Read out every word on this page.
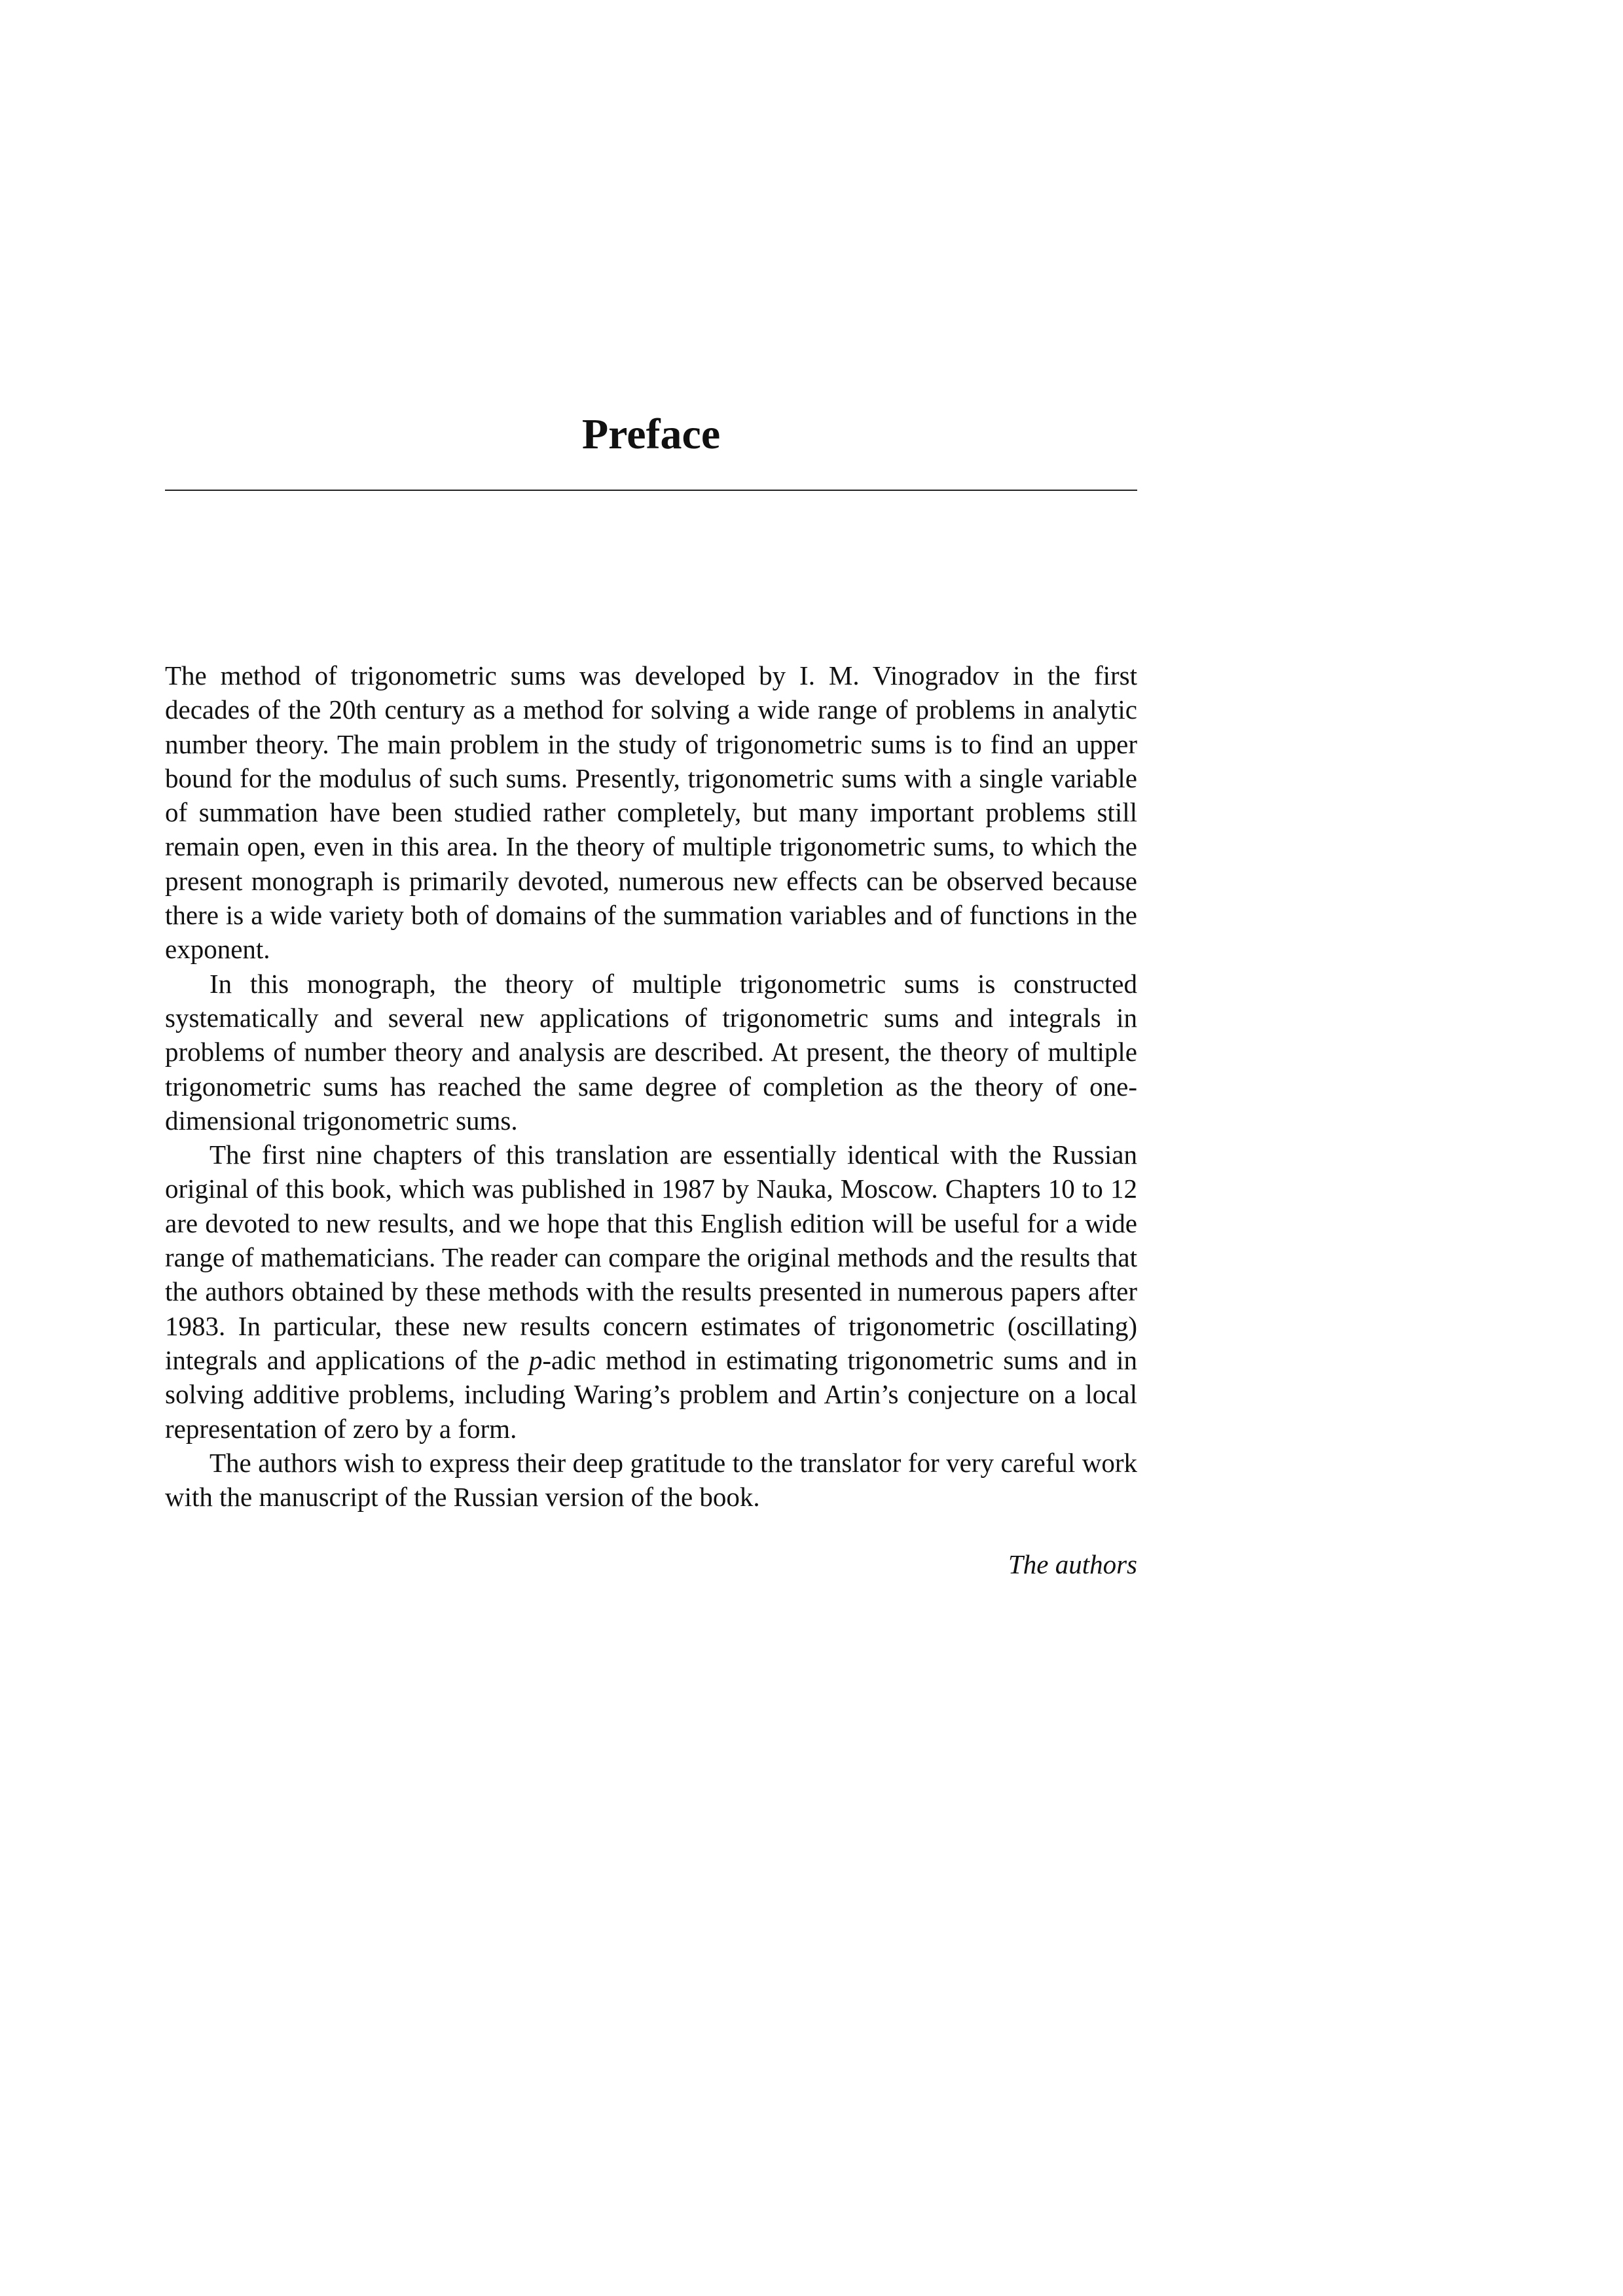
Preface

The method of trigonometric sums was developed by I. M. Vinogradov in the first decades of the 20th century as a method for solving a wide range of problems in analytic number theory. The main problem in the study of trigonometric sums is to find an upper bound for the modulus of such sums. Presently, trigonometric sums with a single variable of summation have been studied rather completely, but many important problems still remain open, even in this area. In the theory of multiple trigonometric sums, to which the present monograph is primarily devoted, numerous new effects can be observed because there is a wide variety both of domains of the summation variables and of functions in the exponent.

In this monograph, the theory of multiple trigonometric sums is constructed systematically and several new applications of trigonometric sums and integrals in problems of number theory and analysis are described. At present, the theory of multiple trigonometric sums has reached the same degree of completion as the theory of one-dimensional trigonometric sums.

The first nine chapters of this translation are essentially identical with the Russian original of this book, which was published in 1987 by Nauka, Moscow. Chapters 10 to 12 are devoted to new results, and we hope that this English edition will be useful for a wide range of mathematicians. The reader can compare the original methods and the results that the authors obtained by these methods with the results presented in numerous papers after 1983. In particular, these new results concern estimates of trigonometric (oscillating) integrals and applications of the p-adic method in estimating trigonometric sums and in solving additive problems, including Waring’s problem and Artin’s conjecture on a local representation of zero by a form.

The authors wish to express their deep gratitude to the translator for very careful work with the manuscript of the Russian version of the book.

The authors
